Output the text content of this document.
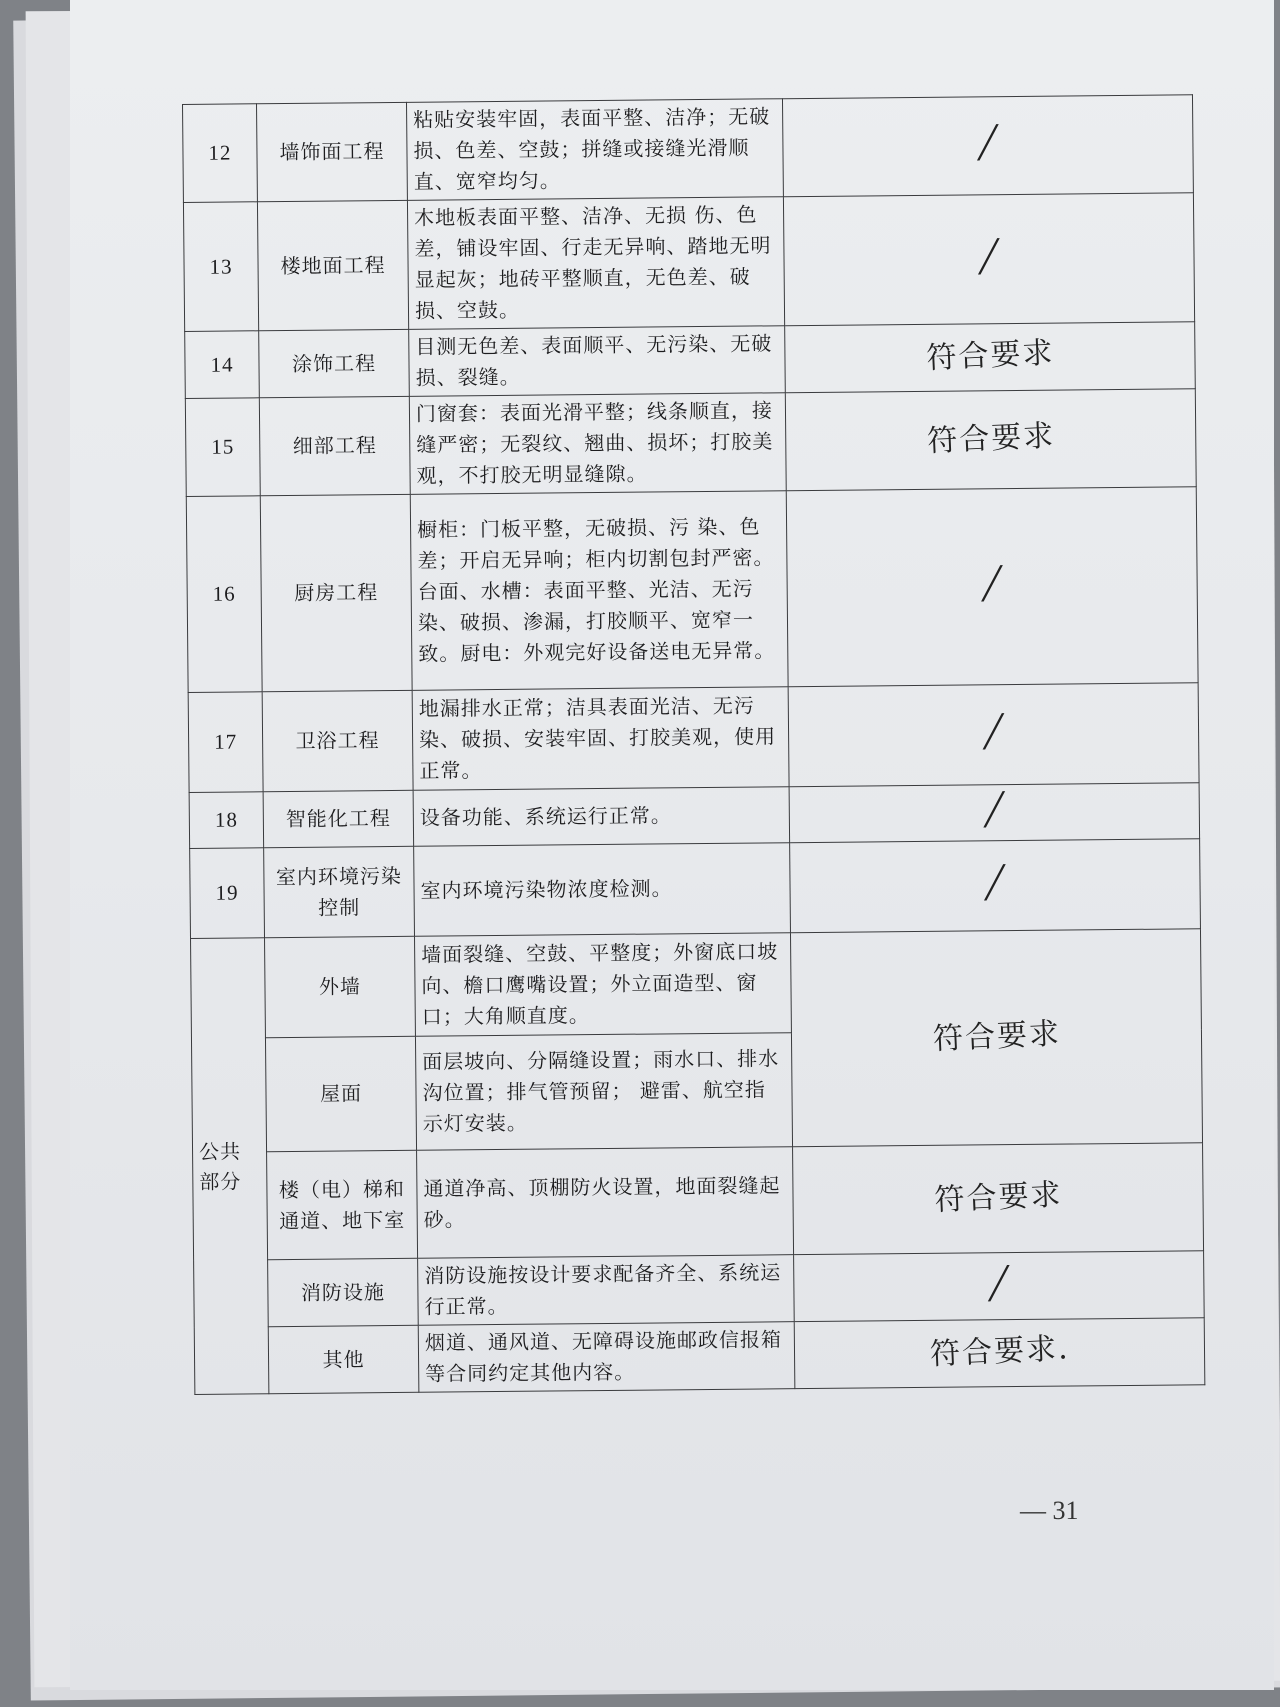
12	墙饰面工程	粘贴安装牢固，表面平整、洁净；无破损、色差、空鼓；拼缝或接缝光滑顺直、宽窄均匀。	/
13	楼地面工程	木地板表面平整、洁净、无损 伤、色差，铺设牢固、行走无异响、踏地无明显起灰；地砖平整顺直，无色差、破损、空鼓。	/
14	涂饰工程	目测无色差、表面顺平、无污染、无破损、裂缝。	符合要求
15	细部工程	门窗套：表面光滑平整；线条顺直，接缝严密；无裂纹、翘曲、损坏；打胶美观，不打胶无明显缝隙。	符合要求
16	厨房工程	橱柜：门板平整，无破损、污 染、色差；开启无异响；柜内切割包封严密。台面、水槽：表面平整、光洁、无污染、破损、渗漏，打胶顺平、宽窄一致。厨电：外观完好设备送电无异常。	/
17	卫浴工程	地漏排水正常；洁具表面光洁、无污染、破损、安装牢固、打胶美观，使用正常。	/
18	智能化工程	设备功能、系统运行正常。	/
19	室内环境污染控制	室内环境污染物浓度检测。	/
公共部分	外墙	墙面裂缝、空鼓、平整度；外窗底口坡向、檐口鹰嘴设置；外立面造型、窗口；大角顺直度。	符合要求
	屋面	面层坡向、分隔缝设置；雨水口、排水沟位置；排气管预留； 避雷、航空指示灯安装。	
	楼（电）梯和通道、地下室	通道净高、顶棚防火设置，地面裂缝起砂。	符合要求
	消防设施	消防设施按设计要求配备齐全、系统运行正常。	/
	其他	烟道、通风道、无障碍设施邮政信报箱等合同约定其他内容。	符合要求.
— 31
